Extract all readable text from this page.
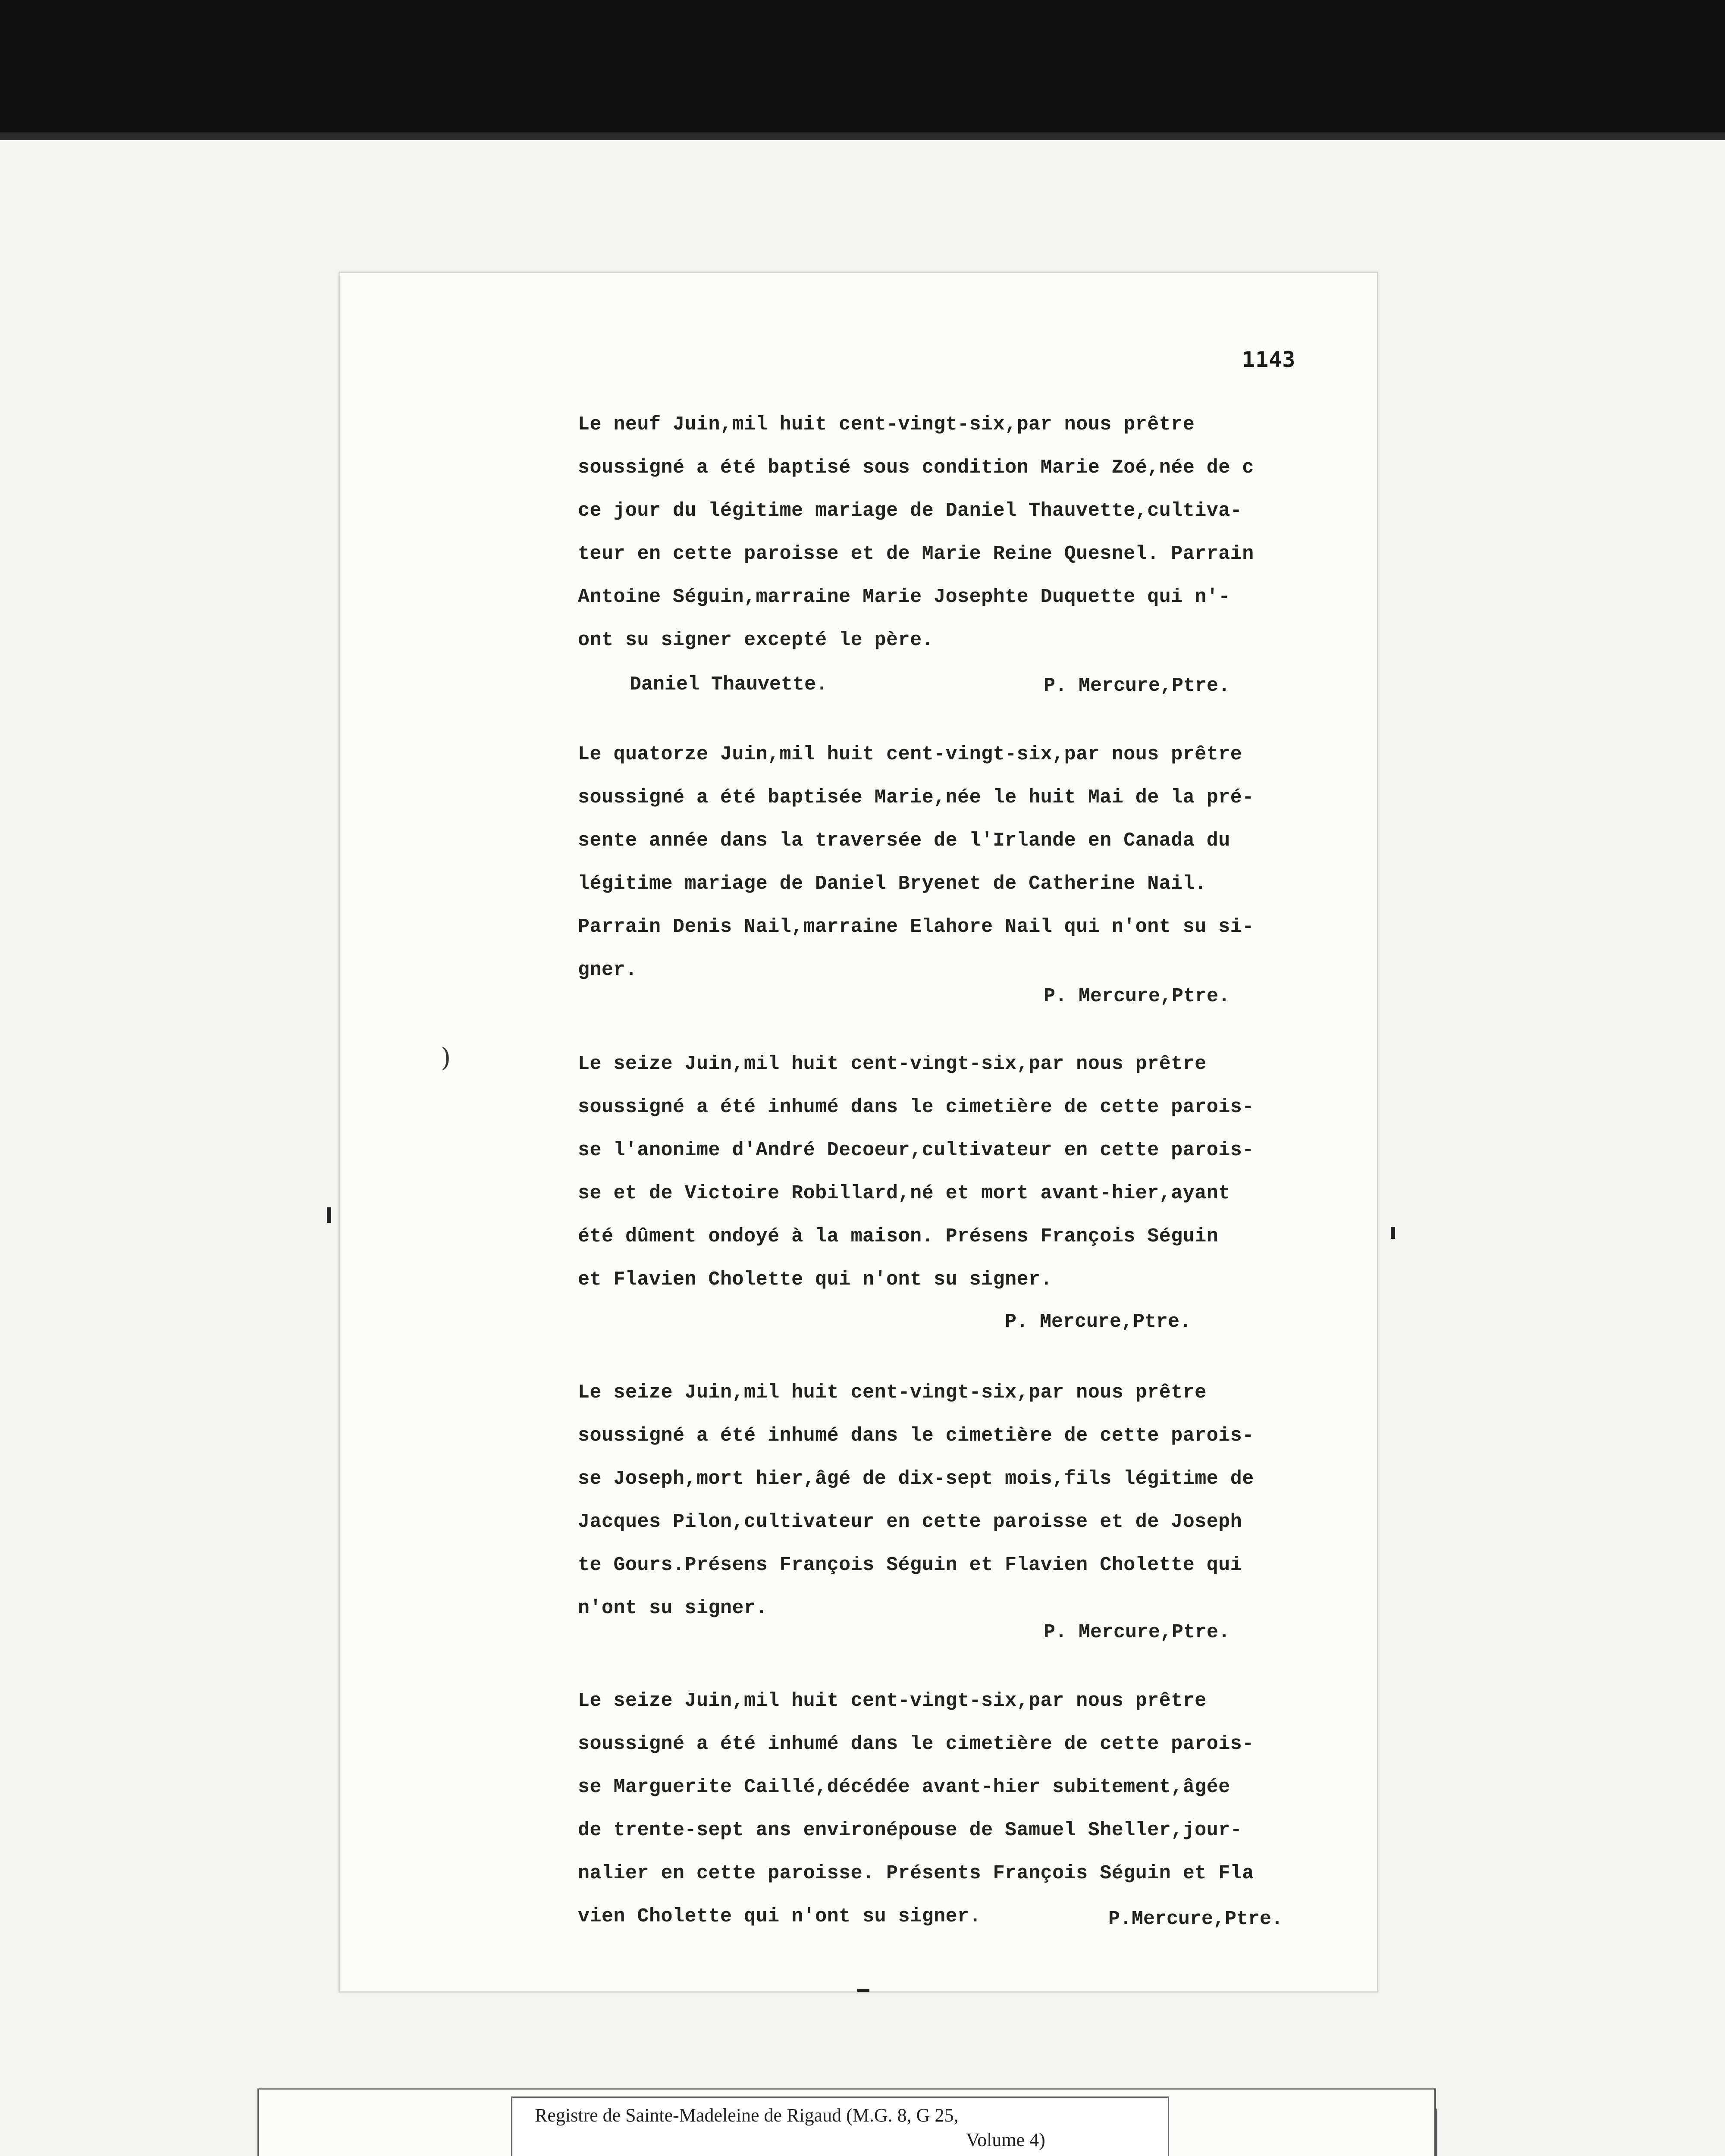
1143
Le neuf Juin,mil huit cent-vingt-six,par nous prêtre
soussigné a été baptisé sous condition Marie Zoé,née de c
ce jour du légitime mariage de Daniel Thauvette,cultiva-
teur en cette paroisse et de Marie Reine Quesnel. Parrain
Antoine Séguin,marraine Marie Josephte Duquette qui n'-
ont su signer excepté le père.
Daniel Thauvette.	P. Mercure,Ptre.
Le quatorze Juin,mil huit cent-vingt-six,par nous prêtre
soussigné a été baptisée Marie,née le huit Mai de la pré-
sente année dans la traversée de l'Irlande en Canada du
légitime mariage de Daniel Bryenet de Catherine Nail.
Parrain Denis Nail,marraine Elahore Nail qui n'ont su si-
gner.
P. Mercure,Ptre.
)	Le seize Juin,mil huit cent-vingt-six,par nous prêtre
soussigné a été inhumé dans le cimetière de cette parois-
se l'anonime d'André Decoeur,cultivateur en cette parois-
se et de Victoire Robillard,né et mort avant-hier,ayant
été dûment ondoyé à la maison. Présens François Séguin
et Flavien Cholette qui n'ont su signer.
P. Mercure,Ptre.
Le seize Juin,mil huit cent-vingt-six,par nous prêtre
soussigné a été inhumé dans le cimetière de cette parois-
se Joseph,mort hier,âgé de dix-sept mois,fils légitime de
Jacques Pilon,cultivateur en cette paroisse et de Joseph
te Gours.Présens François Séguin et Flavien Cholette qui
n'ont su signer.
P. Mercure,Ptre.
Le seize Juin,mil huit cent-vingt-six,par nous prêtre
soussigné a été inhumé dans le cimetière de cette parois-
se Marguerite Caillé,décédée avant-hier subitement,âgée
de trente-sept ans environépouse de Samuel Sheller,jour-
nalier en cette paroisse. Présents François Séguin et Fla
vien Cholette qui n'ont su signer.	P.Mercure,Ptre.
Registre de Sainte-Madeleine de Rigaud (M.G. 8, G 25,
Volume 4)
